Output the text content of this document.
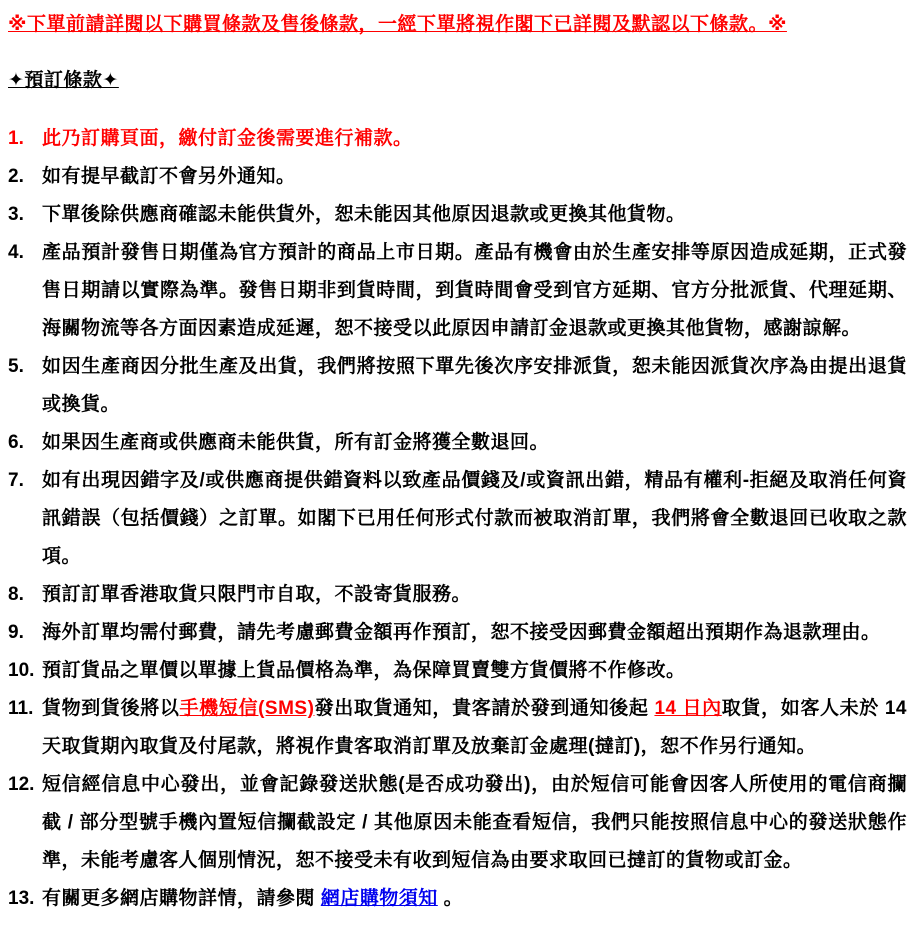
※下單前請詳閱以下購買條款及售後條款，一經下單將視作閣下已詳閱及默認以下條款。※
✦預訂條款✦
1. 此乃訂購頁面，繳付訂金後需要進行補款。
2. 如有提早截訂不會另外通知。
3. 下單後除供應商確認未能供貨外，恕未能因其他原因退款或更換其他貨物。
4. 產品預計發售日期僅為官方預計的商品上市日期。產品有機會由於生產安排等原因造成延期，正式發售日期請以實際為準。發售日期非到貨時間，到貨時間會受到官方延期、官方分批派貨、代理延期、海關物流等各方面因素造成延遲，恕不接受以此原因申請訂金退款或更換其他貨物，感謝諒解。
5. 如因生產商因分批生產及出貨，我們將按照下單先後次序安排派貨，恕未能因派貨次序為由提出退貨或換貨。
6. 如果因生產商或供應商未能供貨，所有訂金將獲全數退回。
7. 如有出現因錯字及/或供應商提供錯資料以致產品價錢及/或資訊出錯，精品有權利-拒絕及取消任何資訊錯誤（包括價錢）之訂單。如閣下已用任何形式付款而被取消訂單，我們將會全數退回已收取之款項。
8. 預訂訂單香港取貨只限門市自取，不設寄貨服務。
9. 海外訂單均需付郵費，請先考慮郵費金額再作預訂，恕不接受因郵費金額超出預期作為退款理由。
10. 預訂貨品之單價以單據上貨品價格為準，為保障買賣雙方貨價將不作修改。
11. 貨物到貨後將以手機短信(SMS)發出取貨通知，貴客請於發到通知後起 14 日內取貨，如客人未於 14 天取貨期內取貨及付尾款，將視作貴客取消訂單及放棄訂金處理(撻訂)，恕不作另行通知。
12. 短信經信息中心發出，並會記錄發送狀態(是否成功發出)，由於短信可能會因客人所使用的電信商攔截 / 部分型號手機內置短信攔截設定 / 其他原因未能查看短信，我們只能按照信息中心的發送狀態作準，未能考慮客人個別情況，恕不接受未有收到短信為由要求取回已撻訂的貨物或訂金。
13. 有關更多網店購物詳情，請參閱 網店購物須知 。
